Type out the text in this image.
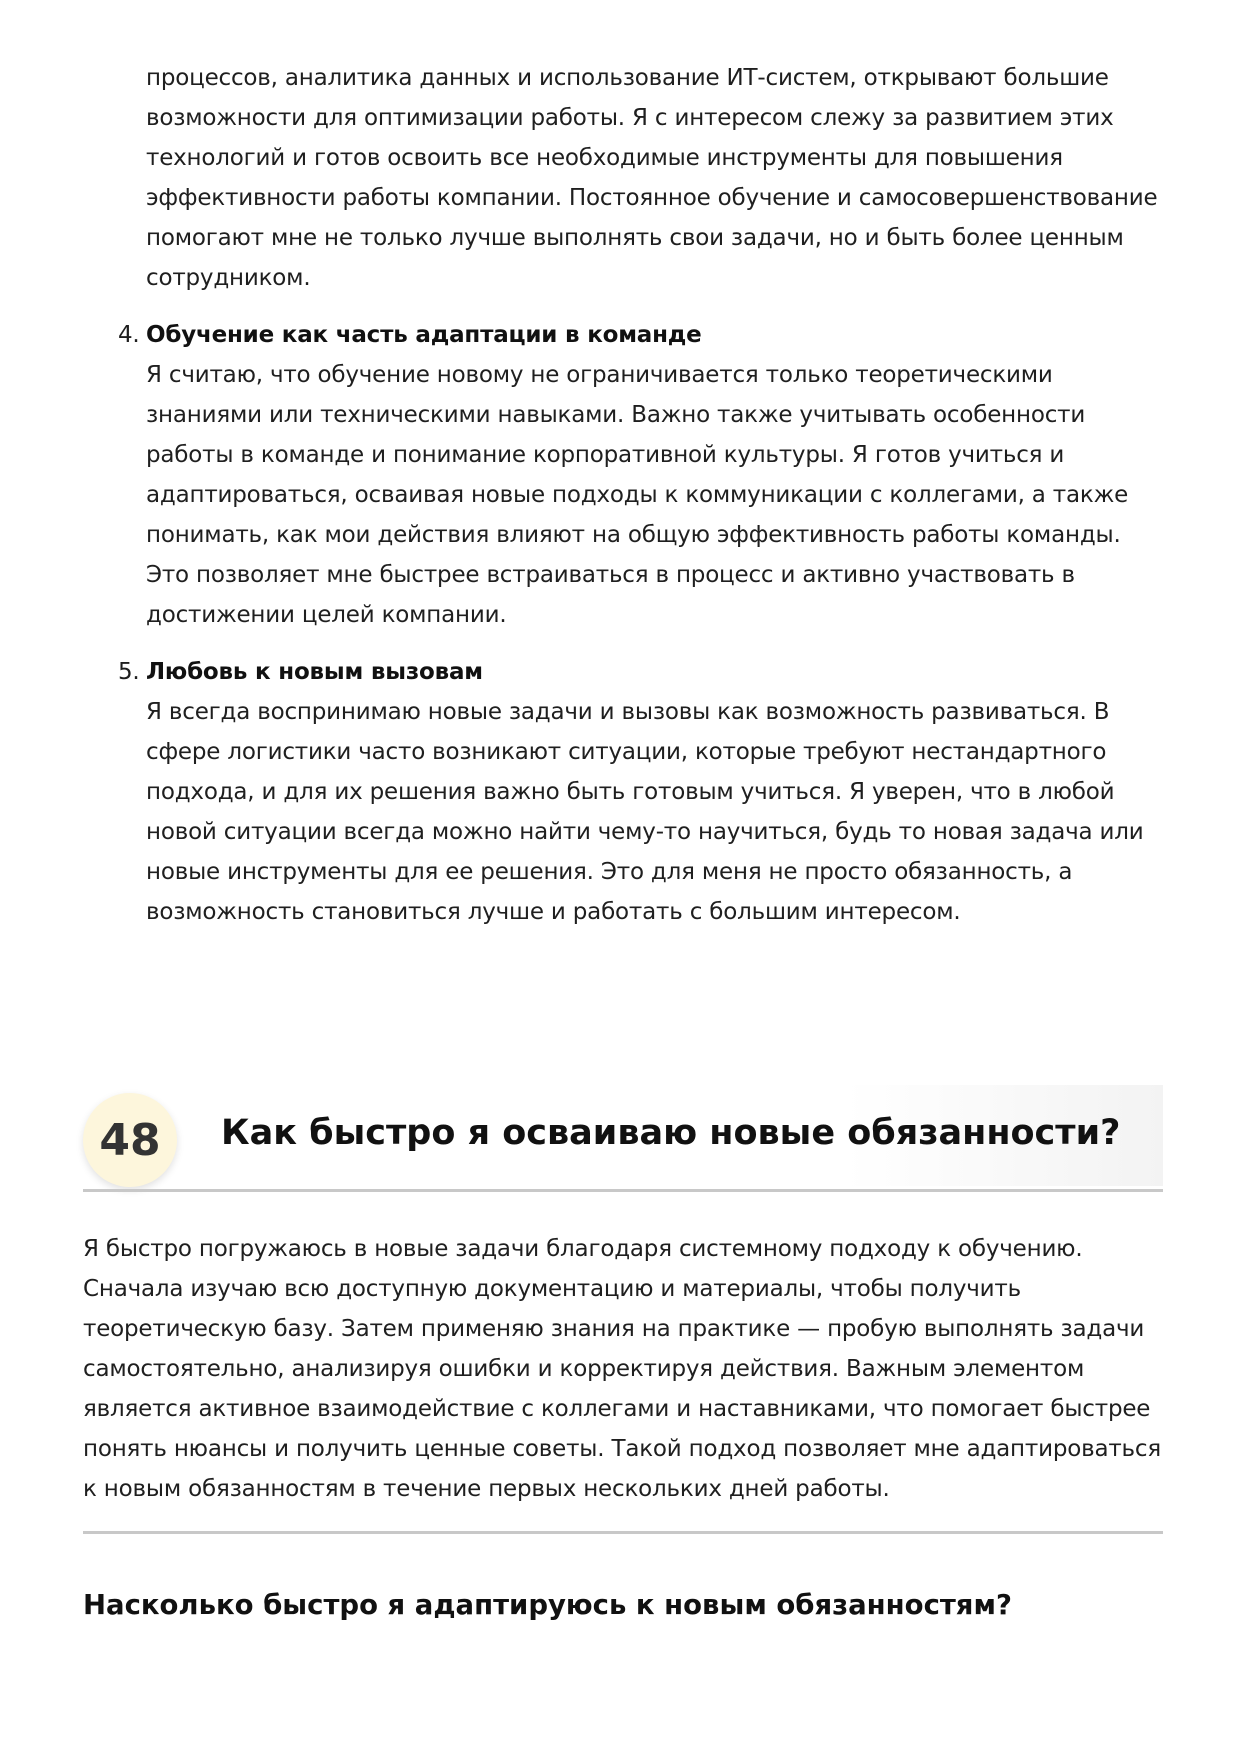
процессов, аналитика данных и использование ИТ-систем, открывают большие возможности для оптимизации работы. Я с интересом слежу за развитием этих технологий и готов освоить все необходимые инструменты для повышения эффективности работы компании. Постоянное обучение и самосовершенствование помогают мне не только лучше выполнять свои задачи, но и быть более ценным сотрудником.

4. Обучение как часть адаптации в команде

Я считаю, что обучение новому не ограничивается только теоретическими знаниями или техническими навыками. Важно также учитывать особенности работы в команде и понимание корпоративной культуры. Я готов учиться и адаптироваться, осваивая новые подходы к коммуникации с коллегами, а также понимать, как мои действия влияют на общую эффективность работы команды. Это позволяет мне быстрее встраиваться в процесс и активно участвовать в достижении целей компании.

5. Любовь к новым вызовам

Я всегда воспринимаю новые задачи и вызовы как возможность развиваться. В сфере логистики часто возникают ситуации, которые требуют нестандартного подхода, и для их решения важно быть готовым учиться. Я уверен, что в любой новой ситуации всегда можно найти чему-то научиться, будь то новая задача или новые инструменты для ее решения. Это для меня не просто обязанность, а возможность становиться лучше и работать с большим интересом.

48	Как быстро я осваиваю новые обязанности?

Я быстро погружаюсь в новые задачи благодаря системному подходу к обучению. Сначала изучаю всю доступную документацию и материалы, чтобы получить теоретическую базу. Затем применяю знания на практике — пробую выполнять задачи самостоятельно, анализируя ошибки и корректируя действия. Важным элементом является активное взаимодействие с коллегами и наставниками, что помогает быстрее понять нюансы и получить ценные советы. Такой подход позволяет мне адаптироваться к новым обязанностям в течение первых нескольких дней работы.

Насколько быстро я адаптируюсь к новым обязанностям?
